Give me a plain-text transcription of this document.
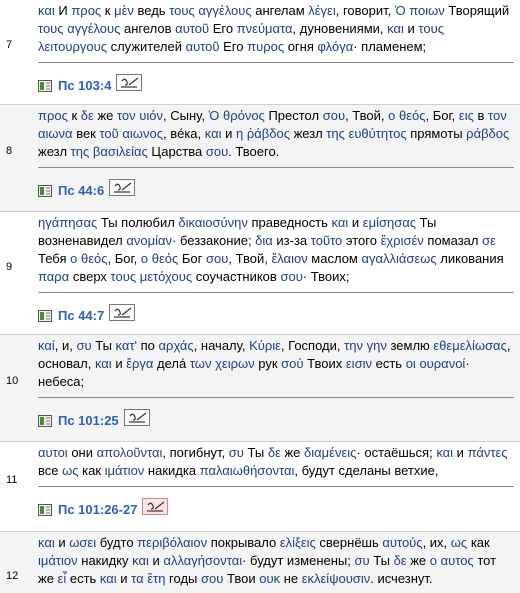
7
και И προς к μὲν ведь τους αγγέλους ангелам λέγει, говорит, Ὁ ποιων Творящий τους αγγέλους ангелов αυτοῦ Его πνεύματα, дуновениями, και и τους λειτουργους служителей αυτοῦ Его πυρος огня φλόγα· пламенем;
Пс 103:4
8
προς к δε же τον υιόν, Сыну, Ὁ θρόνος Престол σου, Твой, ο θεός, Бог, εις в τον αιωνα век τοῦ αιωνος, вéка, και и η ῥάβδος жезл της ευθύτητος прямоты ράβδος жезл της βασιλείας Царства σου. Твоего.
Пс 44:6
9
ηγάπησας Ты полюбил δικαιοσύνην праведность και и εμίσησας Ты возненавидел ανομίαν· беззаконие; δια из-за τοῦτο этого ἔχρισέν помазал σε Тебя ο θεός, Бог, ο θεός Бог σου, Твой, ἔλαιον маслом αγαλλιάσεως ликования παρα сверх τους μετόχους соучастников σου· Твоих;
Пс 44:7
10
καί, и, συ Ты κατ' по αρχάς, началу, Κύριε, Господи, την γην землю εθεμελίωσας, основал, και и ἔργα делá των χειρων рук σού Твоих εισιν есть οι ουρανοί· небеса;
Пс 101:25
11
αυτοι они απολοῦνται, погибнут, συ Ты δε же διαμένεις· остаёшься; και и πάντες все ως как ιμάτιον накидка παλαιωθήσονται, будут сделаны ветхие,
Пс 101:26-27
12
και и ωσει будто περιβόλαιον покрывало ελίξεις свернёшь αυτούς, их, ως как ιμάτιον накидку και и αλλαγήσονται· будут изменены; συ Ты δε же ο αυτος тот же εἶ есть και и τα ἔτη годы σου Твои ουκ не εκλείψουσιν. исчезнут.
